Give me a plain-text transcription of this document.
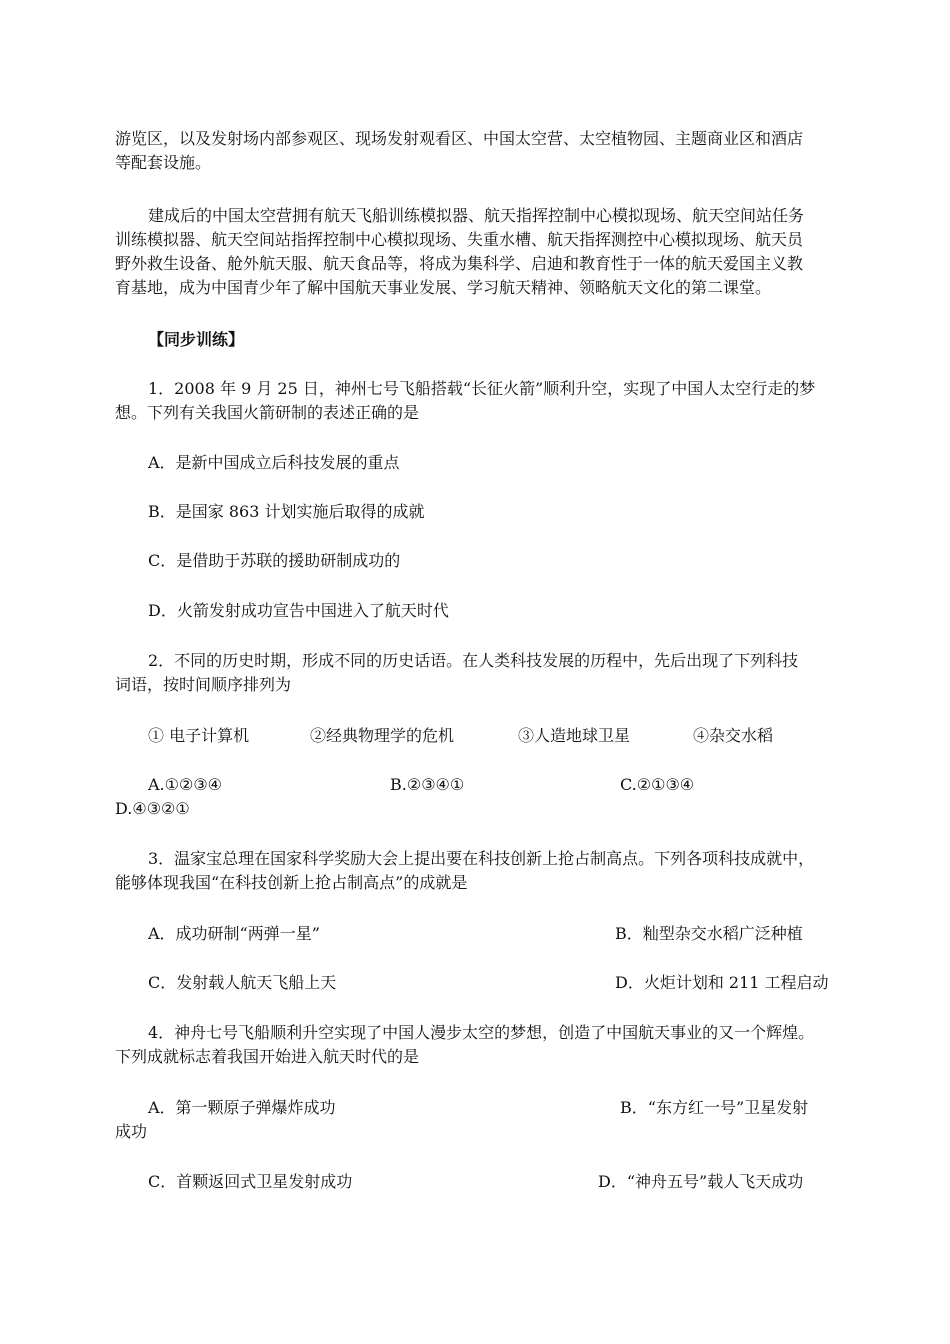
游览区，以及发射场内部参观区、现场发射观看区、中国太空营、太空植物园、主题商业区和酒店

等配套设施。

建成后的中国太空营拥有航天飞船训练模拟器、航天指挥控制中心模拟现场、航天空间站任务

训练模拟器、航天空间站指挥控制中心模拟现场、失重水槽、航天指挥测控中心模拟现场、航天员

野外救生设备、舱外航天服、航天食品等，将成为集科学、启迪和教育性于一体的航天爱国主义教

育基地，成为中国青少年了解中国航天事业发展、学习航天精神、领略航天文化的第二课堂。

【同步训练】

1．2008 年 9 月 25 日，神州七号飞船搭载“长征火箭”顺利升空，实现了中国人太空行走的梦

想。下列有关我国火箭研制的表述正确的是

A．是新中国成立后科技发展的重点

B．是国家 863 计划实施后取得的成就

C．是借助于苏联的援助研制成功的

D．火箭发射成功宣告中国进入了航天时代

2．不同的历史时期，形成不同的历史话语。在人类科技发展的历程中，先后出现了下列科技

词语，按时间顺序排列为

① 电子计算机	②经典物理学的危机	③人造地球卫星	④杂交水稻

A.①②③④	B.②③④①	C.②①③④

D.④③②①

3．温家宝总理在国家科学奖励大会上提出要在科技创新上抢占制高点。下列各项科技成就中，

能够体现我国“在科技创新上抢占制高点”的成就是

A．成功研制“两弹一星”	B．籼型杂交水稻广泛种植

C．发射载人航天飞船上天	D．火炬计划和 211 工程启动

4．神舟七号飞船顺利升空实现了中国人漫步太空的梦想，创造了中国航天事业的又一个辉煌。

下列成就标志着我国开始进入航天时代的是

A．第一颗原子弹爆炸成功	B．“东方红一号”卫星发射

成功

C．首颗返回式卫星发射成功	D．“神舟五号”载人飞天成功
